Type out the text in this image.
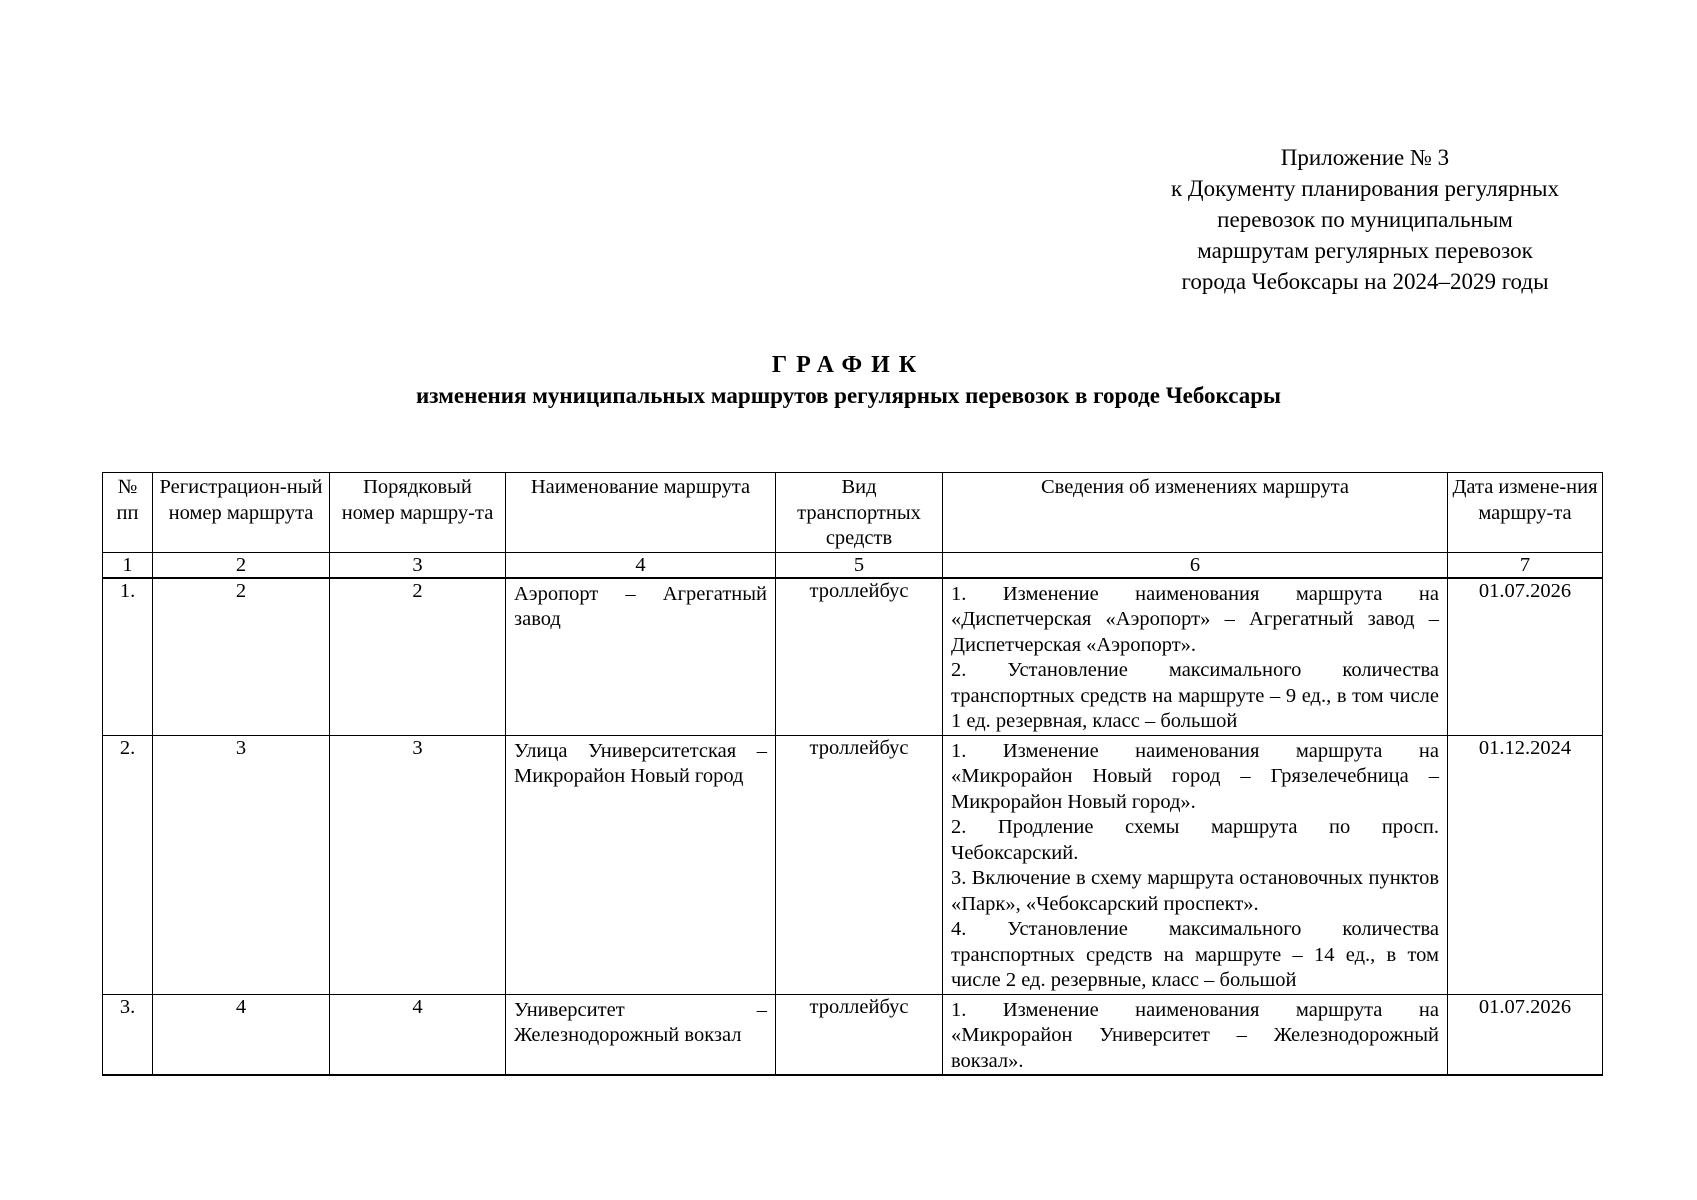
Приложение № 3
к Документу планирования регулярных
перевозок по муниципальным
маршрутам регулярных перевозок
города Чебоксары на 2024–2029 годы
ГРАФИК
изменения муниципальных маршрутов регулярных перевозок в городе Чебоксары
№ пп	Регистрацион-ный номер маршрута	Порядковый номер маршру-та	Наименование маршрута	Вид транспортных средств	Сведения об изменениях маршрута	Дата измене-ния маршру-та
1	2	3	4	5	6	7
1.	2	2	Аэропорт – Агрегатный завод	троллейбус	1. Изменение наименования маршрута на «Диспетчерская «Аэропорт» – Агрегатный завод – Диспетчерская «Аэропорт».
2. Установление максимального количества транспортных средств на маршруте – 9 ед., в том числе 1 ед. резервная, класс – большой	01.07.2026
2.	3	3	Улица Университетская – Микрорайон Новый город	троллейбус	1. Изменение наименования маршрута на «Микрорайон Новый город – Грязелечебница – Микрорайон Новый город».
2. Продление схемы маршрута по просп. Чебоксарский.
3. Включение в схему маршрута остановочных пунктов «Парк», «Чебоксарский проспект».
4. Установление максимального количества транспортных средств на маршруте – 14 ед., в том числе 2 ед. резервные, класс – большой	01.12.2024
3.	4	4	Университет – Железнодорожный вокзал	троллейбус	1. Изменение наименования маршрута на «Микрорайон Университет – Железнодорожный вокзал».	01.07.2026
